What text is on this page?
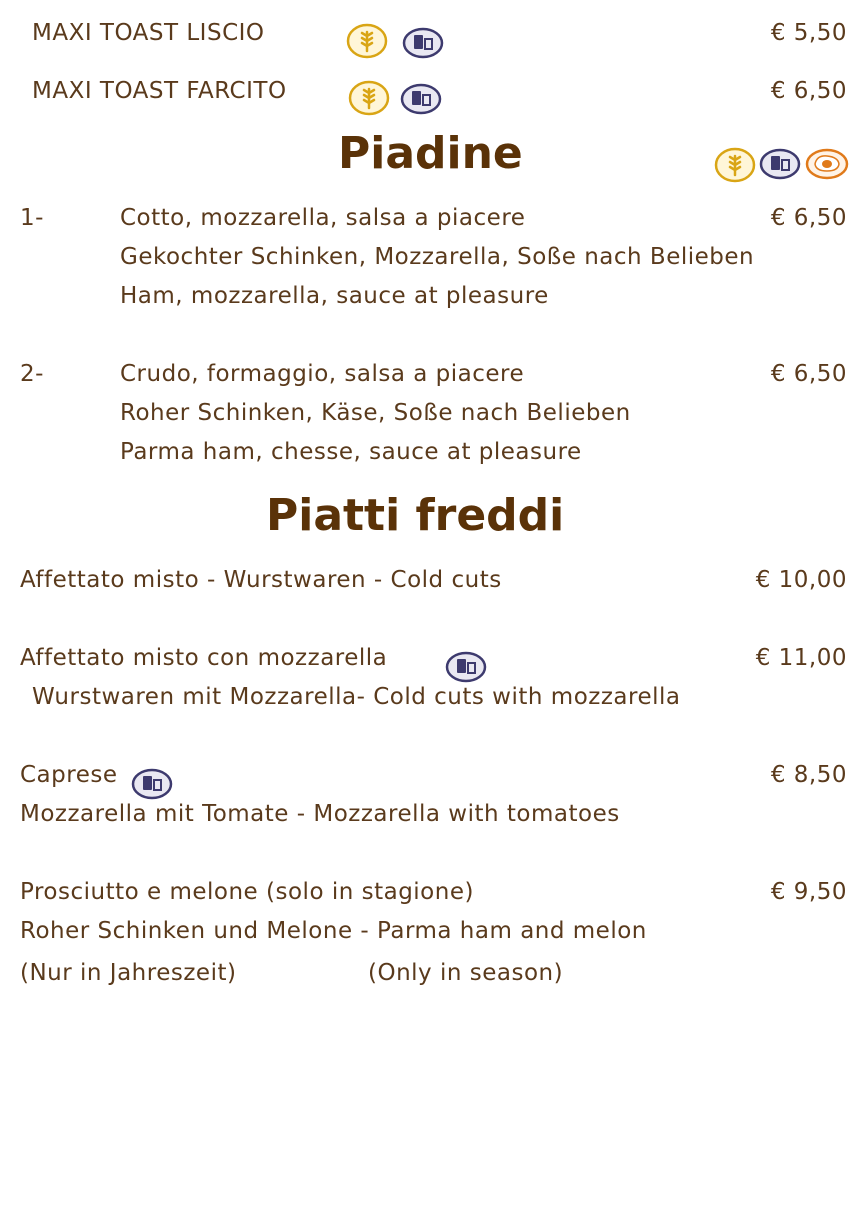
MAXI TOAST LISCIO	€ 5,50
MAXI TOAST FARCITO	€ 6,50
Piadine
1-	Cotto, mozzarella, salsa a piacere	€ 6,50
Gekochter Schinken, Mozzarella, Soße nach Belieben
Ham, mozzarella, sauce at pleasure
2-	Crudo, formaggio, salsa a piacere	€ 6,50
Roher Schinken, Käse, Soße nach Belieben
Parma ham, chesse, sauce at pleasure
Piatti freddi
Affettato misto - Wurstwaren - Cold cuts	€ 10,00
Affettato misto con mozzarella	€ 11,00
Wurstwaren mit Mozzarella- Cold cuts with mozzarella
Caprese	€ 8,50
Mozzarella mit Tomate - Mozzarella with tomatoes
Prosciutto e melone (solo in stagione)	€ 9,50
Roher Schinken und Melone - Parma ham and melon
(Nur in Jahreszeit)	(Only in season)
